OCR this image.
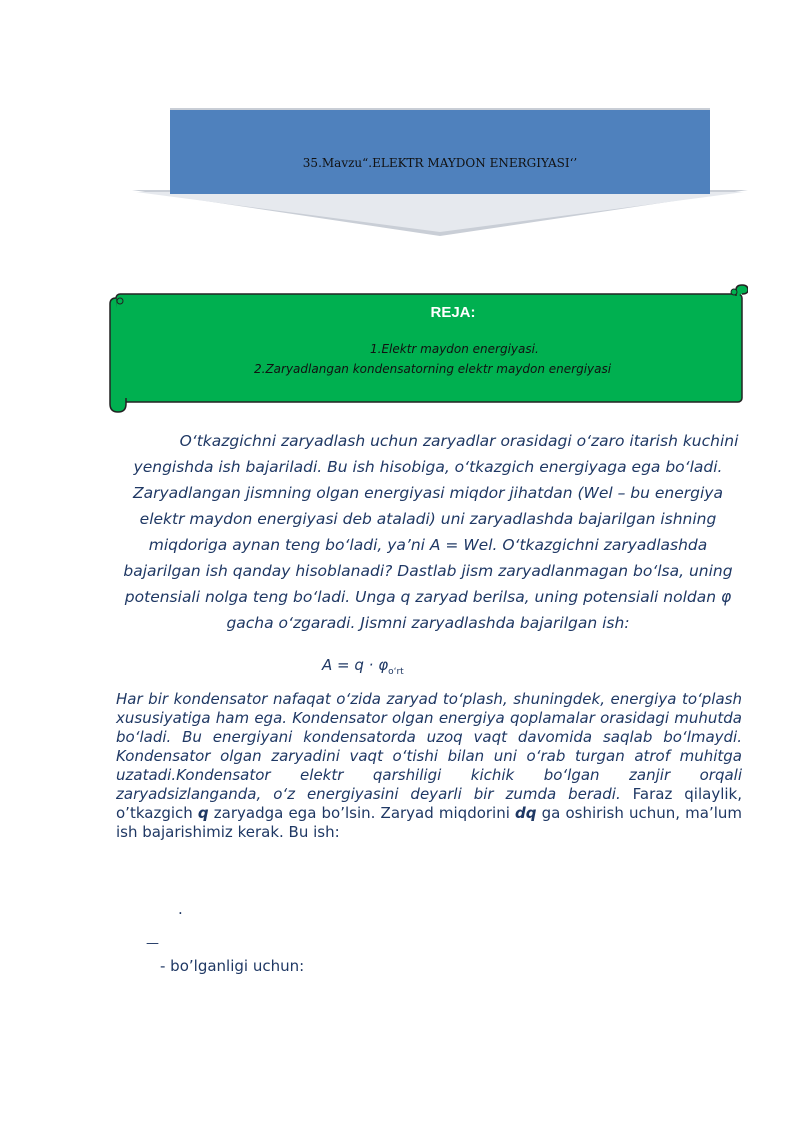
35.Mavzu“.ELEKTR MAYDON ENERGIYASI‘’
REJA:
1.Elektr maydon energiyasi.
2.Zaryadlangan kondensatorning elektr maydon energiyasi
O‘tkazgichni zaryadlash uchun zaryadlar orasidagi o‘zaro itarish kuchini yengishda ish bajariladi. Bu ish hisobiga, o‘tkazgich energiyaga ega bo‘ladi. Zaryadlangan jismning olgan energiyasi miqdor jihatdan (Wel – bu energiya elektr maydon energiyasi deb ataladi) uni zaryadlashda bajarilgan ishning miqdoriga aynan teng bo‘ladi, ya’ni A = Wel. O‘tkazgichni zaryadlashda bajarilgan ish qanday hisoblanadi? Dastlab jism zaryadlanmagan bo‘lsa, uning potensiali nolga teng bo‘ladi. Unga q zaryad berilsa, uning potensiali noldan φ gacha o‘zgaradi. Jismni zaryadlashda bajarilgan ish:
$A = q \cdot \varphi_{o‘rt}$
Har bir kondensator nafaqat o‘zida zaryad to‘plash, shuningdek, energiya to‘plash xususiyatiga ham ega. Kondensator olgan energiya qoplamalar orasidagi muhutda bo‘ladi. Bu energiyani kondensatorda uzoq vaqt davomida saqlab bo‘lmaydi. Kondensator olgan zaryadini vaqt o‘tishi bilan uni o‘rab turgan atrof muhitga uzatadi.Kondensator elektr qarshiligi kichik bo‘lgan zanjir orqali zaryadsizlanganda, o‘z energiyasini deyarli bir zumda beradi. Faraz qilaylik, o’tkazgich q zaryadga ega bo’lsin. Zaryad miqdorini dq ga oshirish uchun, ma’lum ish bajarishimiz kerak. Bu ish:
.
—
- bo’lganligi uchun:
